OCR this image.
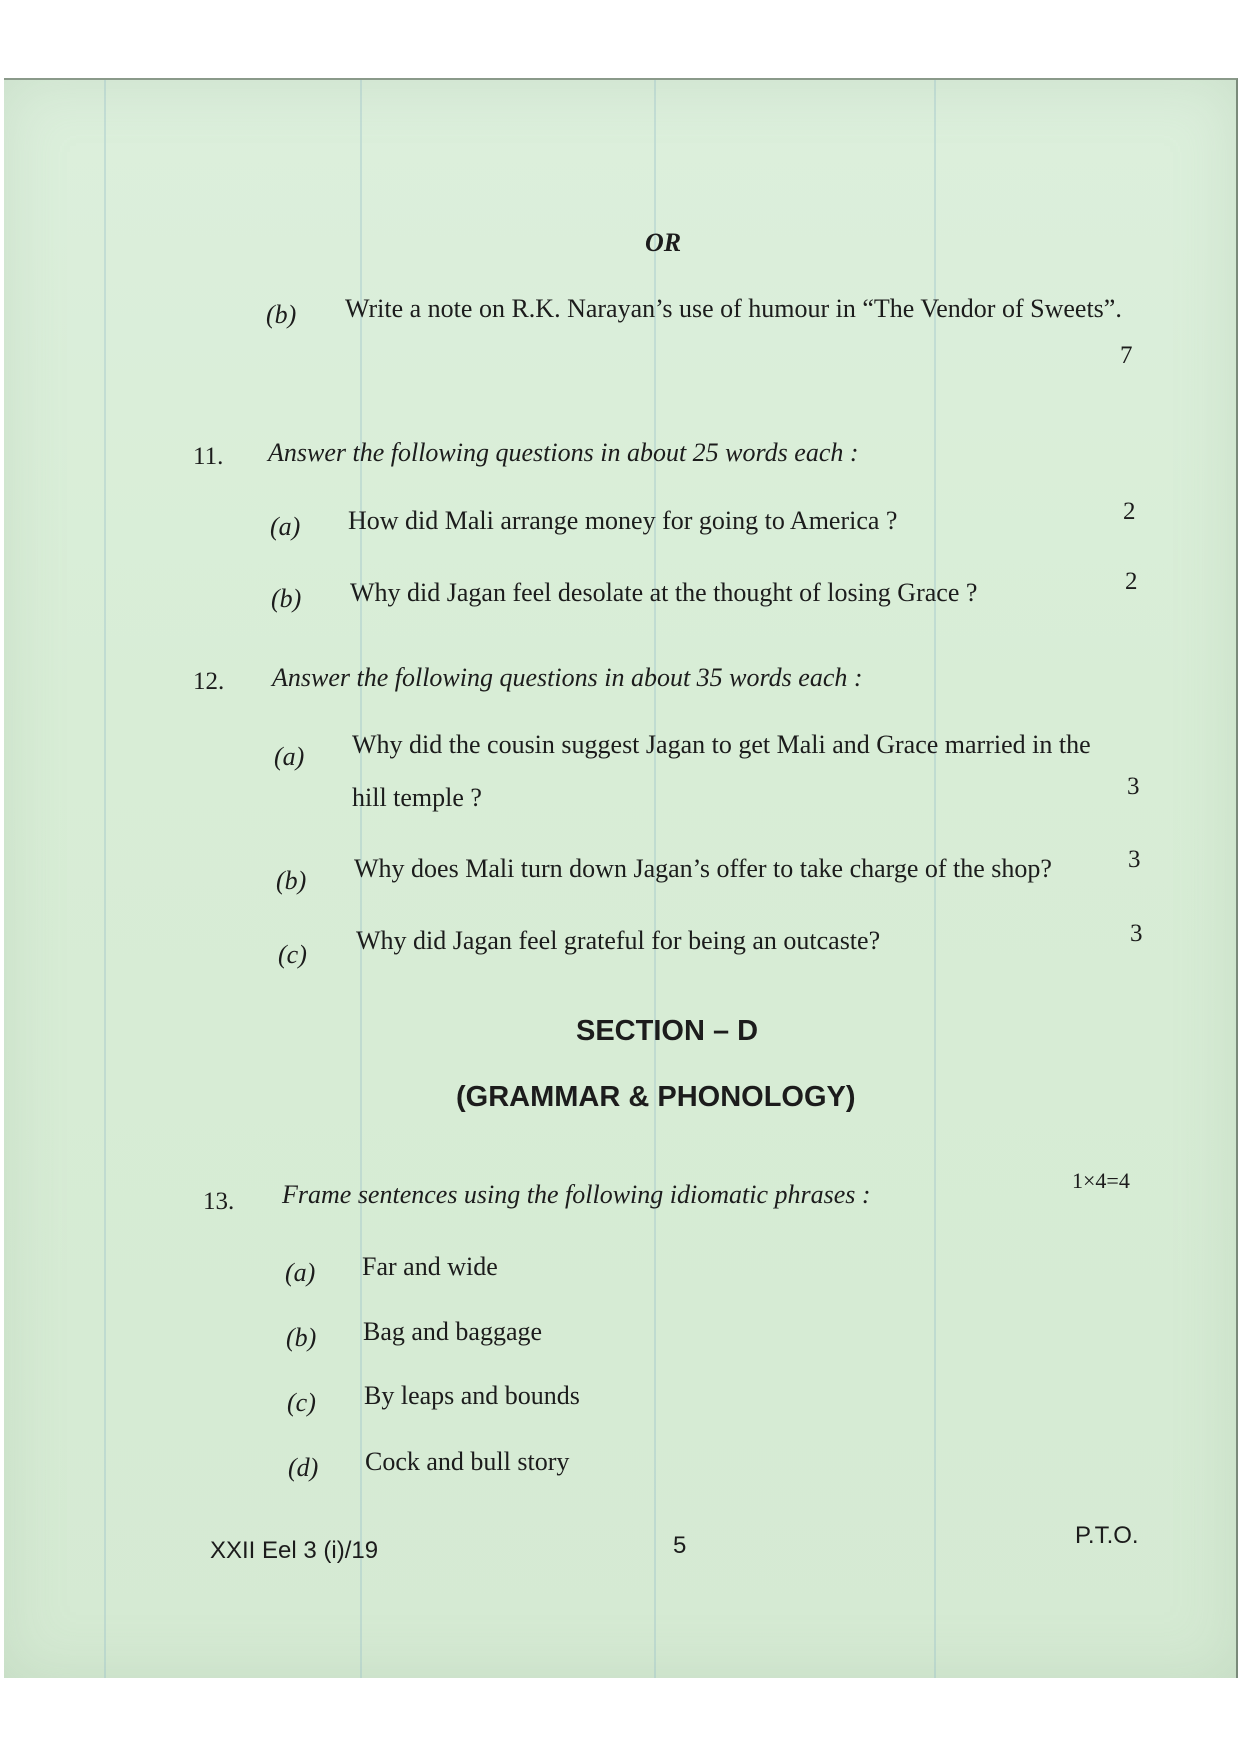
OR
(b) Write a note on R.K. Narayan’s use of humour in “The Vendor of Sweets”.
7
11. Answer the following questions in about 25 words each :
(a) How did Mali arrange money for going to America ?	2
(b) Why did Jagan feel desolate at the thought of losing Grace ?	2
12. Answer the following questions in about 35 words each :
(a) Why did the cousin suggest Jagan to get Mali and Grace married in the
hill temple ?	3
(b) Why does Mali turn down Jagan’s offer to take charge of the shop?	3
(c) Why did Jagan feel grateful for being an outcaste?	3
SECTION – D
(GRAMMAR & PHONOLOGY)
13. Frame sentences using the following idiomatic phrases :	1×4=4
(a) Far and wide
(b) Bag and baggage
(c) By leaps and bounds
(d) Cock and bull story
XXII Eel 3 (i)/19	5	P.T.O.
